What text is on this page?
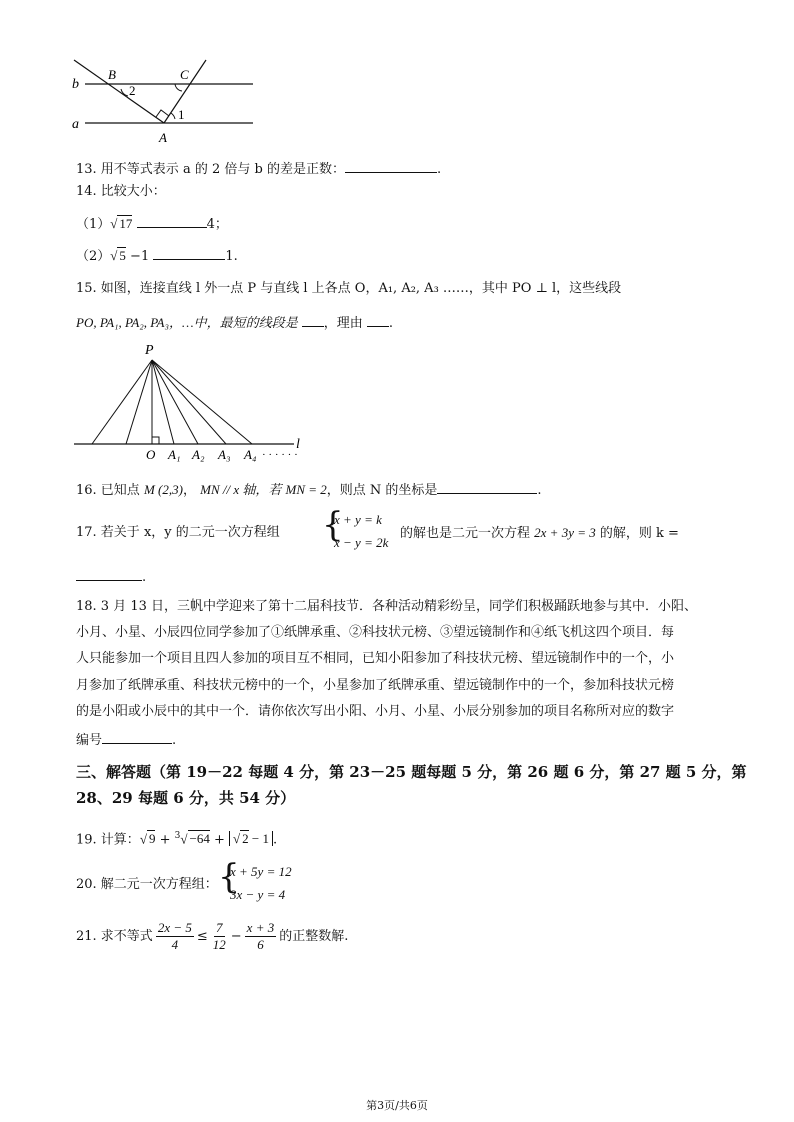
b
a
B	C
A
2
1
13. 用不等式表示 a 的 2 倍与 b 的差是正数：	.
14. 比较大小：
（1）√ 17	4；
（2）√ 5 −1	1.
15. 如图，连接直线 l 外一点 P 与直线 l 上各点 O，A₁, A₂, A₃ ……，其中 PO ⊥ l，这些线段
PO, PA₁, PA₂, PA₃，…中，最短的线段是 ，理由 .
P
O A₁ A₂ A₃ A₄ · · · · · ·
l
16. 已知点 M (2,3)， MN // x 轴，若 MN = 2，则点 N 的坐标是	.
17. 若关于 x，y 的二元一次方程组 {
x + y = k
x − y = 2k
的解也是二元一次方程 2x + 3y = 3 的解，则 k =
.
18. 3 月 13 日，三帆中学迎来了第十二届科技节．各种活动精彩纷呈，同学们积极踊跃地参与其中．小阳、
小月、小星、小辰四位同学参加了①纸牌承重、②科技状元榜、③望远镜制作和④纸飞机这四个项目．每
人只能参加一个项目且四人参加的项目互不相同，已知小阳参加了科技状元榜、望远镜制作中的一个，小
月参加了纸牌承重、科技状元榜中的一个，小星参加了纸牌承重、望远镜制作中的一个，参加科技状元榜
的是小阳或小辰中的其中一个．请你依次写出小阳、小月、小星、小辰分别参加的项目名称所对应的数字
编号	.
三、解答题（第 19－22 每题 4 分，第 23－25 题每题 5 分，第 26 题 6 分，第 27 题 5 分，第
28、29 每题 6 分，共 54 分）
19. 计算：√ 9 + $^3$√ −64 + √ 2 − 1 .
20. 解二元一次方程组： {
x + 5y = 12
3x − y = 4
21. 求不等式 $\frac{2x - 5}{4} \le \frac{7}{12} - \frac{x + 3}{6}$ 的正整数解.
第3页/共6页
